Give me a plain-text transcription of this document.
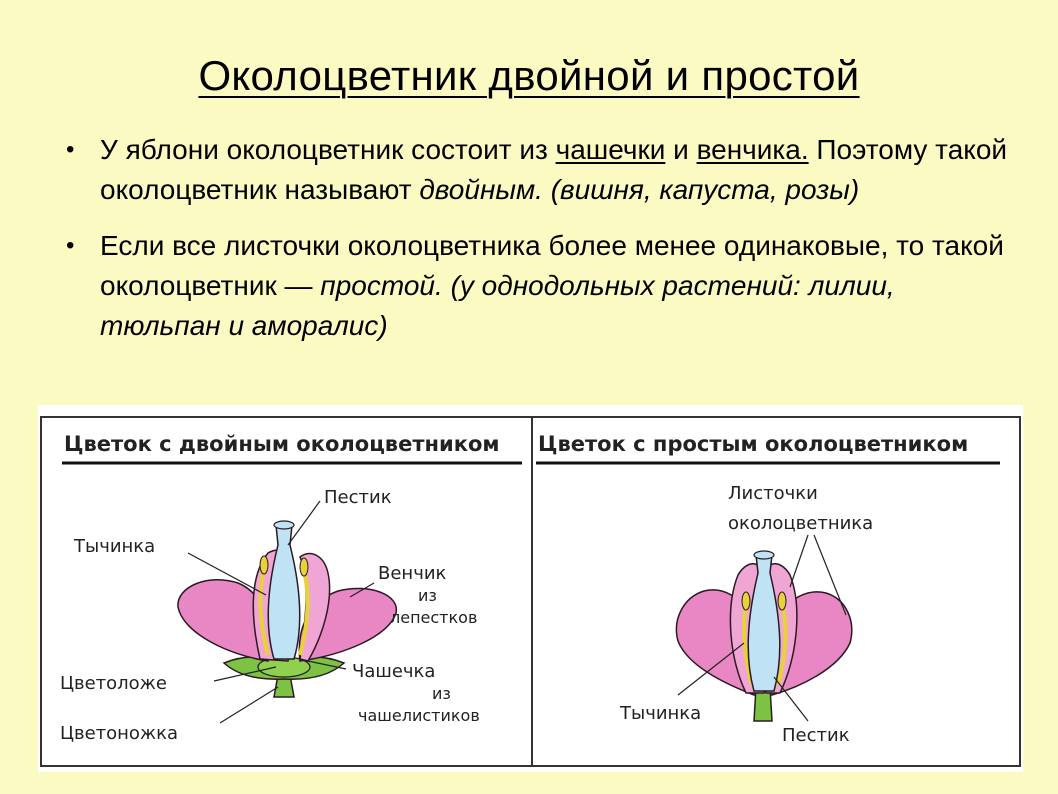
Околоцветник двойной и простой
• У яблони околоцветник состоит из чашечки и венчика. Поэтому такой околоцветник называют двойным. (вишня, капуста, розы)
• Если все листочки околоцветника более менее одинаковые, то такой околоцветник — простой. (у однодольных растений: лилии, тюльпан и аморалис)
Цветок с двойным околоцветником Цветок с простым околоцветником
Пестик
Тычинка
Венчик
из
лепестков
Цветоложе
Чашечка
из
чашелистиков
Цветоножка
Листочки
околоцветника
Тычинка
Пестик
